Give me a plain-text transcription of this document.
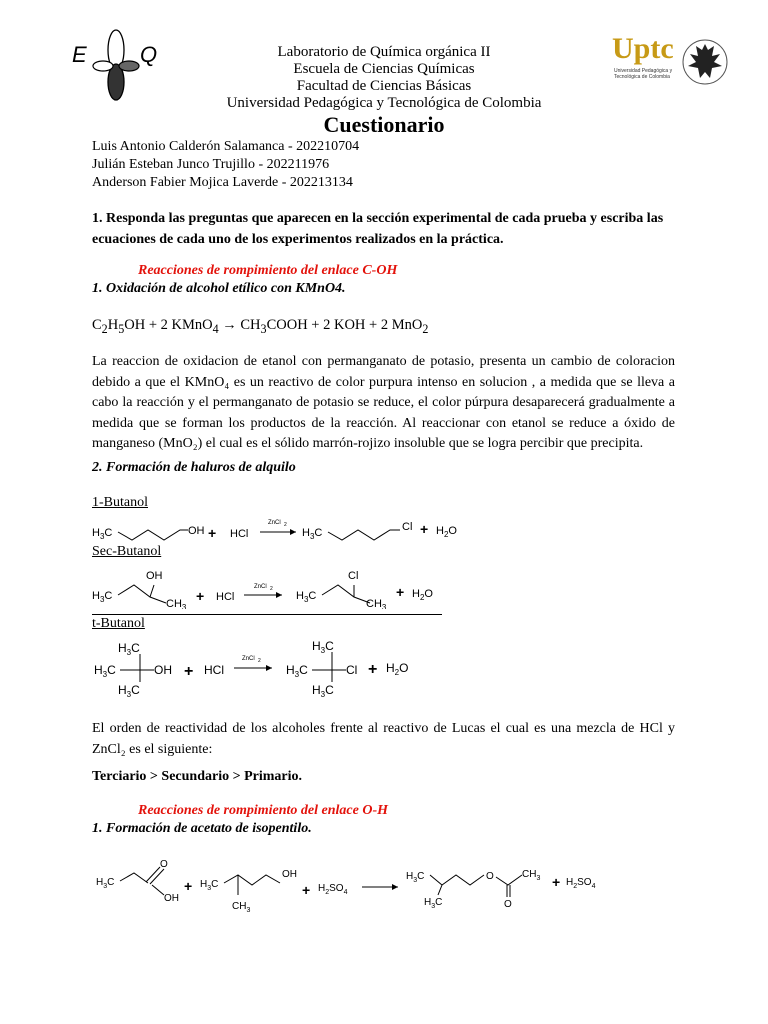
E Q	Uptc
Universidad Pedagógica y Tecnológica de Colombia
Laboratorio de Química orgánica II
Escuela de Ciencias Químicas
Facultad de Ciencias Básicas
Universidad Pedagógica y Tecnológica de Colombia
Cuestionario
Luis Antonio Calderón Salamanca - 202210704
Julián Esteban Junco Trujillo - 202211976
Anderson Fabier Mojica Laverde - 202213134
1. Responda las preguntas que aparecen en la sección experimental de cada prueba y escriba las ecuaciones de cada uno de los experimentos realizados en la práctica.
Reacciones de rompimiento del enlace C-OH
1. Oxidación de alcohol etílico con KMnO4.
$C_2H_5OH + 2$ KMnO$_4$ → $CH_3COOH + 2$ KOH + 2 MnO$_2$
La reaccion de oxidacion de etanol con permanganato de potasio, presenta un cambio de coloracion debido a que el KMnO₄ es un reactivo de color purpura intenso en solucion , a medida que se lleva a cabo la reacción y el permanganato de potasio se reduce, el color púrpura desaparecerá gradualmente a medida que se forman los productos de la reacción. Al reaccionar con etanol se reduce a óxido de manganeso (MnO₂) el cual es el sólido marrón-rojizo insoluble que se logra percibir que precipita.
2. Formación de haluros de alquilo
1-Butanol
$H_3C$	OH + HCl
ZnCl 2
$H_3C$	$Cl + H_2O$
Sec-Butanol
$H_3C$
OH
$CH_3$
+ HCl
ZnCl 2
$H_3C$
Cl
$CH_3$
+ $H_2O$
t-Butanol
$H_3C$
$H_3C$
$H_3C$
OH + HCl
ZnCl 2
$H_3C$
$H_3C$
$H_3C$
$Cl + H_2O$
El orden de reactividad de los alcoholes frente al reactivo de Lucas el cual es una mezcla de HCl y ZnCl₂ es el siguiente:
Terciario > Secundario > Primario.
Reacciones de rompimiento del enlace O-H
1. Formación de acetato de isopentilo.
$H_3C$
O
OH
+ $H_3C$
$CH_3$
OH
+ $H_2SO_4$
$H_3C$
$H_3C$
O
O
$CH_3 + H_2SO_4$
